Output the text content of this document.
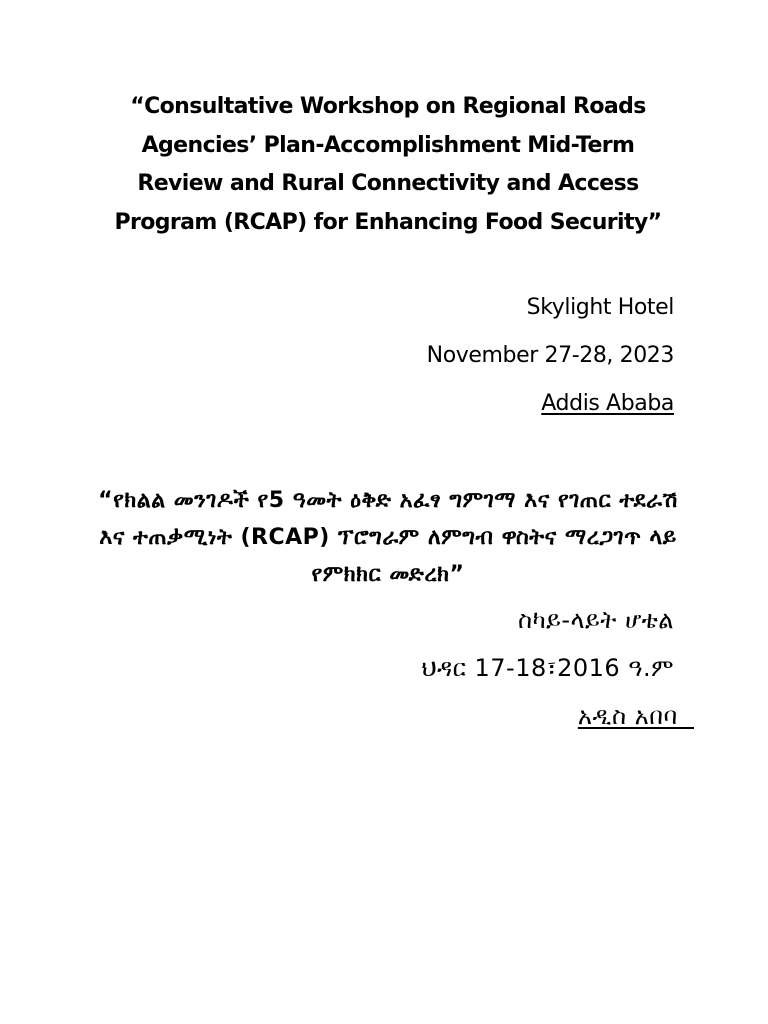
“Consultative Workshop on Regional Roads Agencies’ Plan-Accomplishment Mid-Term Review and Rural Connectivity and Access Program (RCAP) for Enhancing Food Security”

Skylight Hotel

November 27-28, 2023

Addis Ababa

“የክልል መንገዶች የ5 ዓመት ዕቅድ አፈፃ ግምገማ እና የገጠር ተደራሽ እና ተጠቃሚነት (RCAP) ፕሮግራም ለምግብ ዋስትና ማረጋገጥ ላይ የምክክር መድረክ”

ስካይ-ላይት ሆቴል

ህዳር 17-18፣2016 ዓ.ም

አዲስ አበባ
